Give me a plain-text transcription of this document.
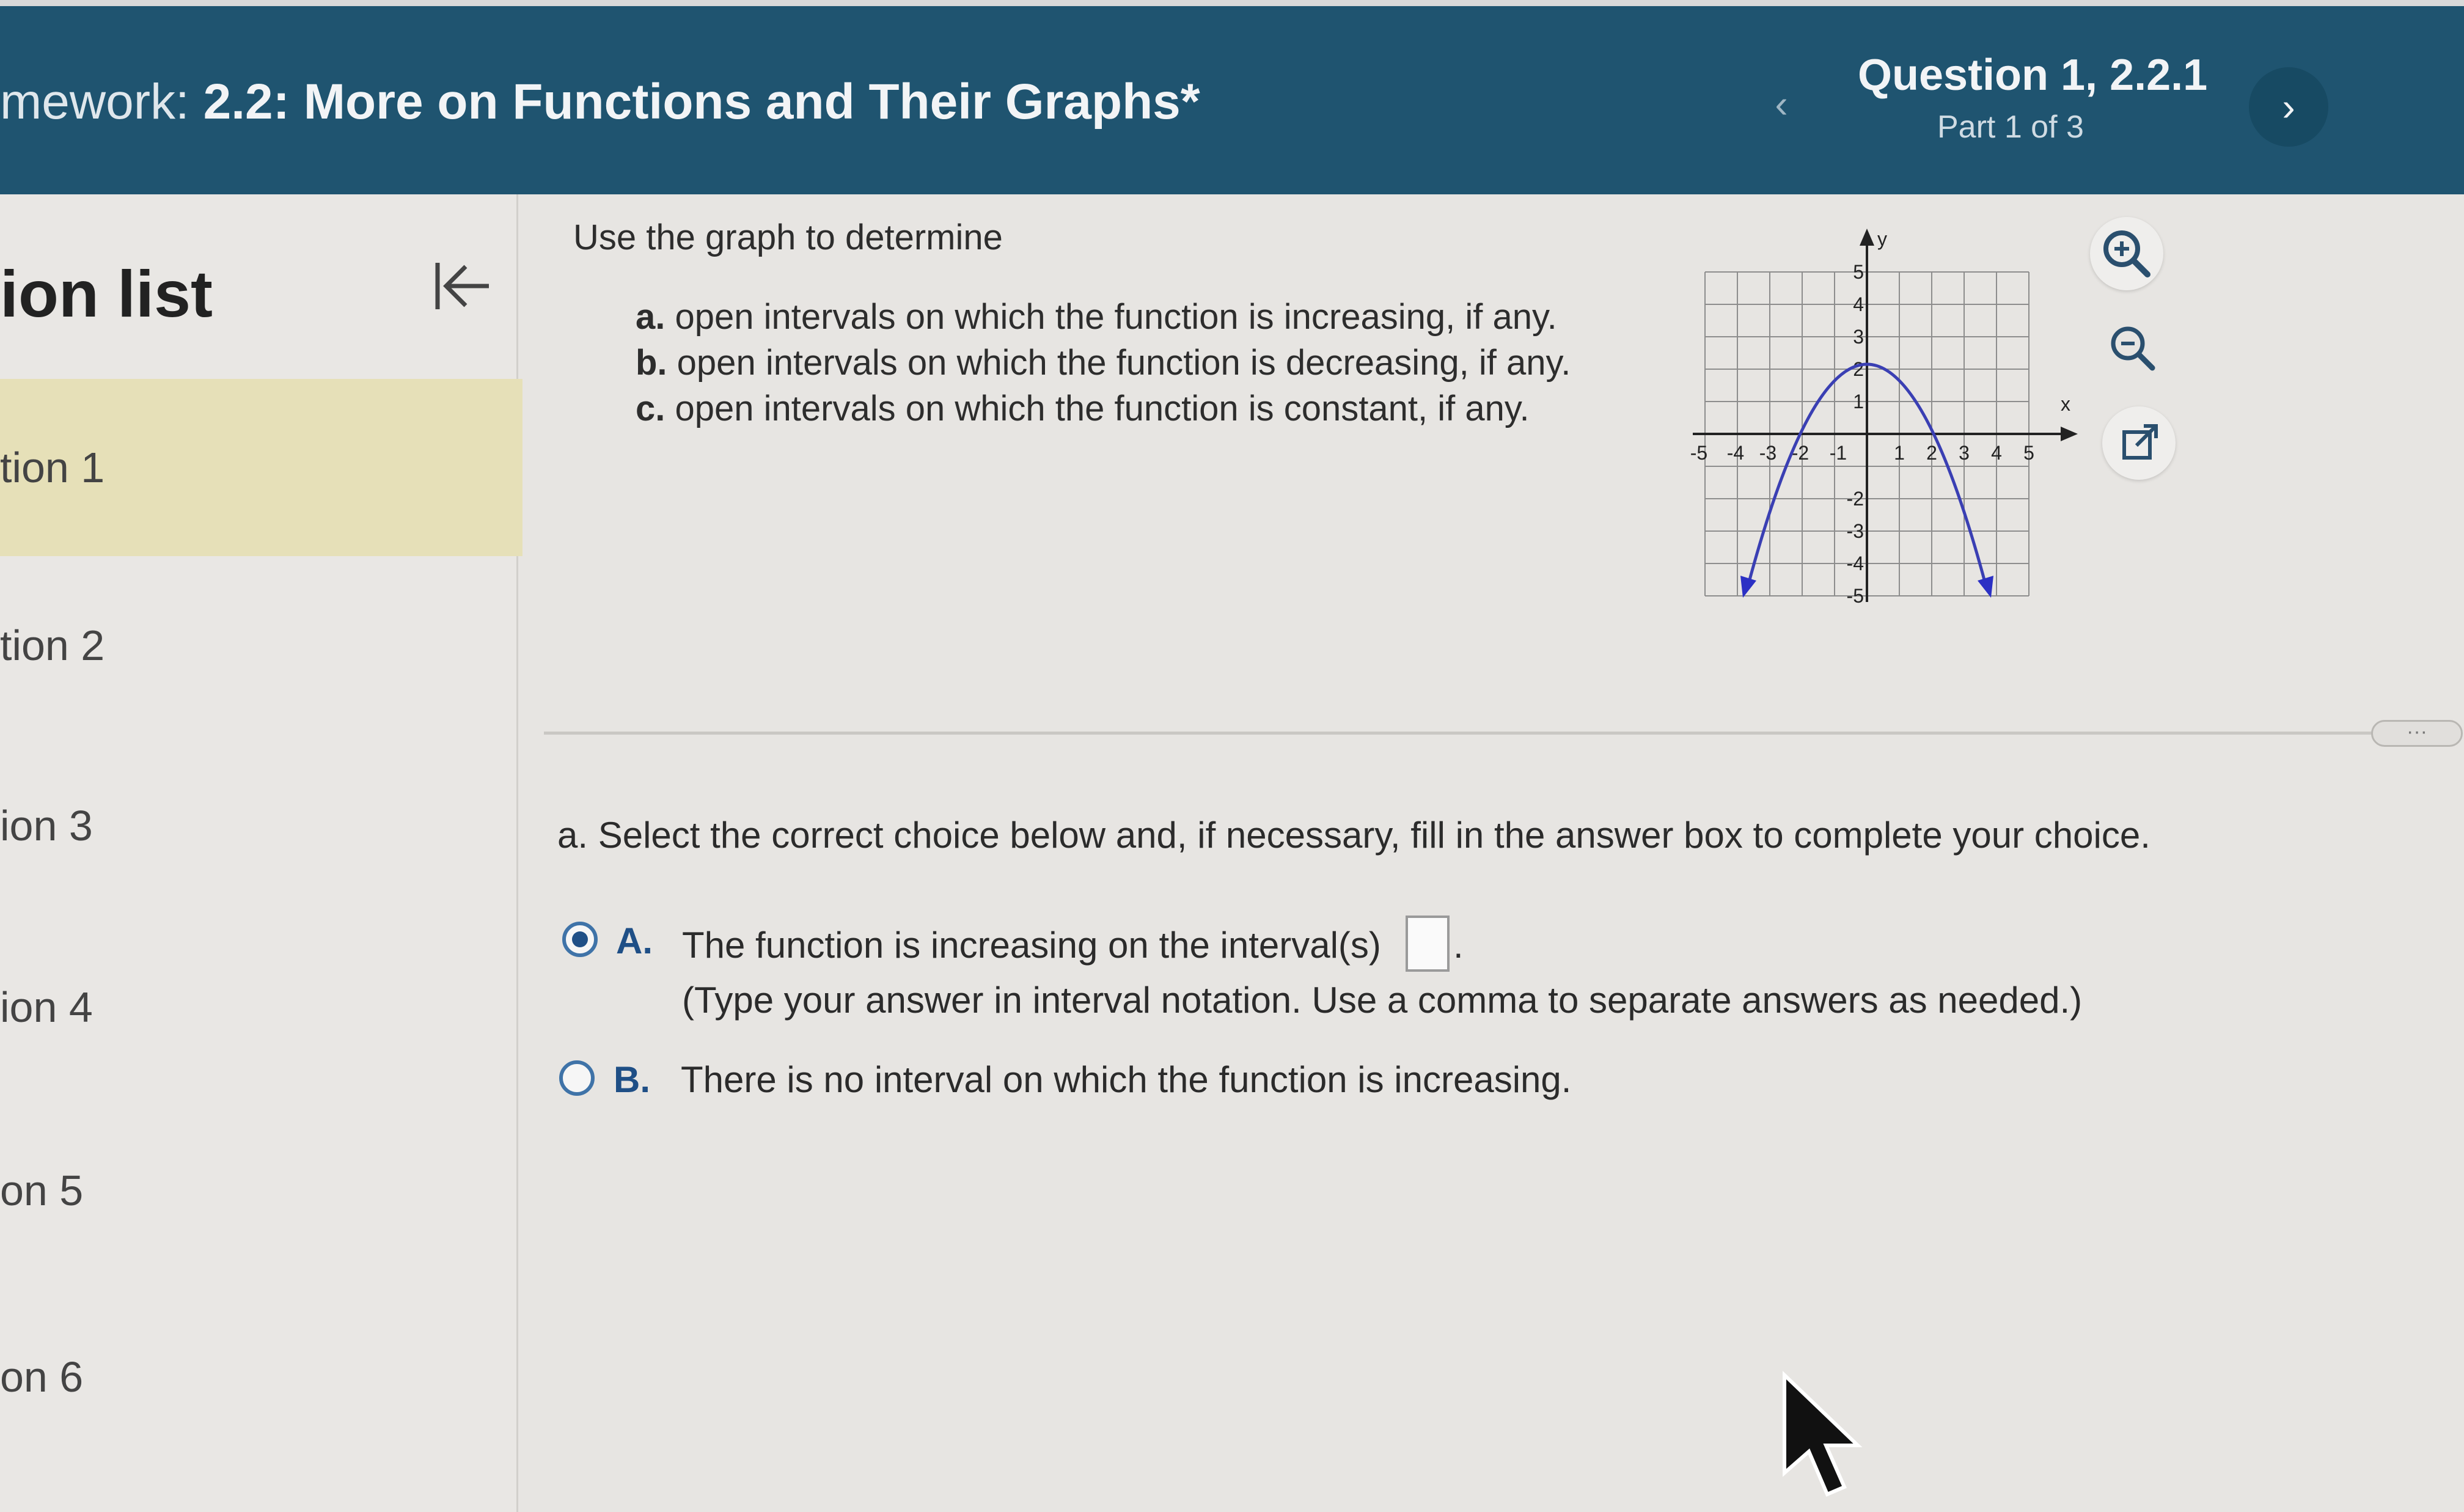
mework: 2.2: More on Functions and Their Graphs*	‹
Question 1, 2.2.1
Part 1 of 3	›
ion list
tion 1
tion 2
ion 3
ion 4
on 5
on 6
Use the graph to determine
a. open intervals on which the function is increasing, if any.
b. open intervals on which the function is decreasing, if any.
c. open intervals on which the function is constant, if any.	x
y
-5 -4 -3 -2 -1 1 2 3 4 5
5
4
3
2
1
-2
-3
-4
-5
···
a. Select the correct choice below and, if necessary, fill in the answer box to complete your choice.
A. The function is increasing on the interval(s) .
(Type your answer in interval notation. Use a comma to separate answers as needed.)
B. There is no interval on which the function is increasing.
